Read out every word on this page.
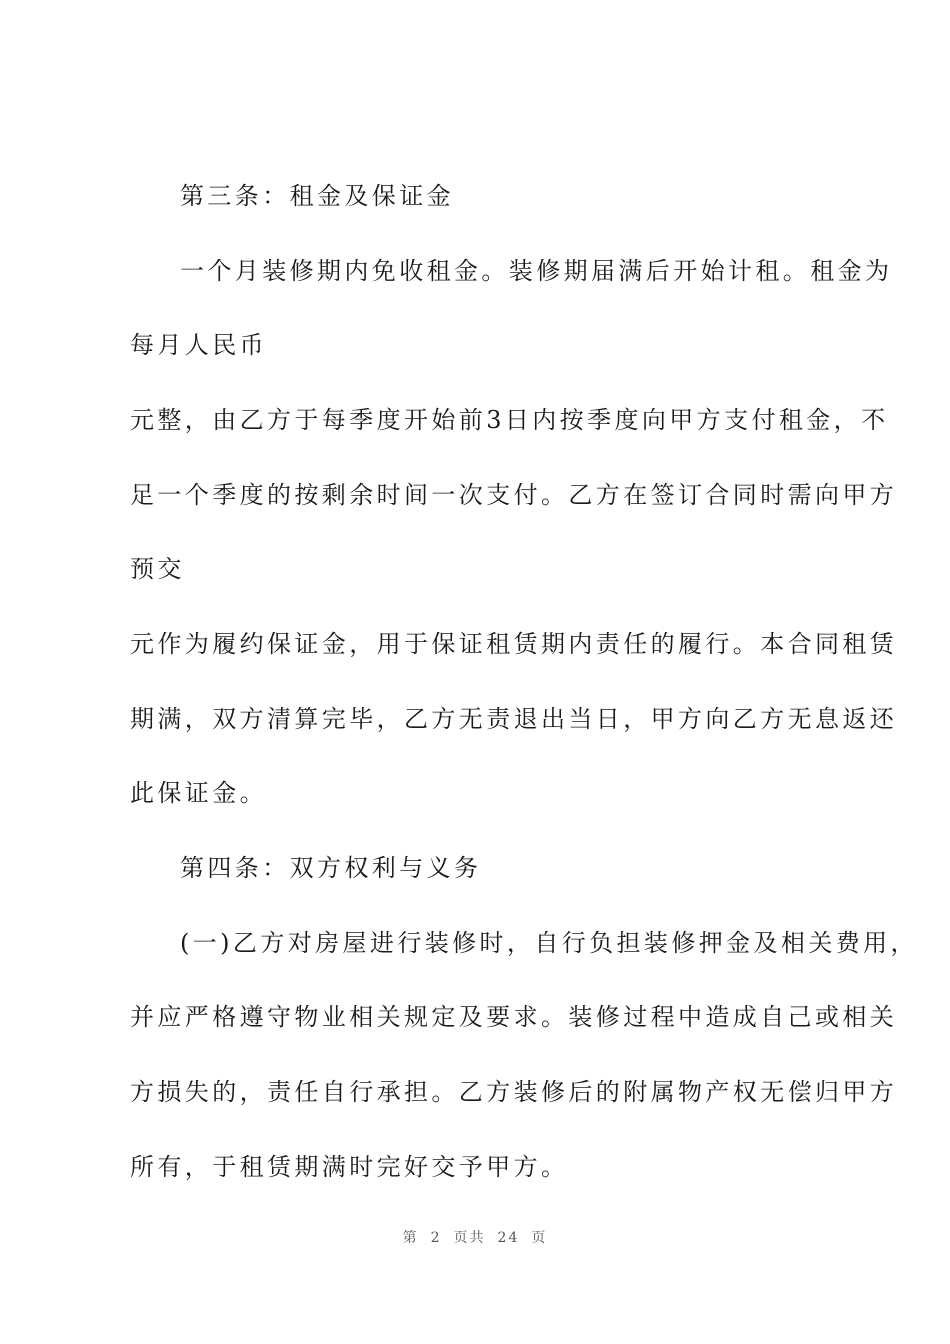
第三条：租金及保证金
一个月装修期内免收租金。装修期届满后开始计租。租金为
每月人民币
元整，由乙方于每季度开始前3日内按季度向甲方支付租金，不
足一个季度的按剩余时间一次支付。乙方在签订合同时需向甲方
预交
元作为履约保证金，用于保证租赁期内责任的履行。本合同租赁
期满，双方清算完毕，乙方无责退出当日，甲方向乙方无息返还
此保证金。
第四条：双方权利与义务
(一)乙方对房屋进行装修时，自行负担装修押金及相关费用，
并应严格遵守物业相关规定及要求。装修过程中造成自己或相关
方损失的，责任自行承担。乙方装修后的附属物产权无偿归甲方
所有，于租赁期满时完好交予甲方。
第 2 页共 24 页
